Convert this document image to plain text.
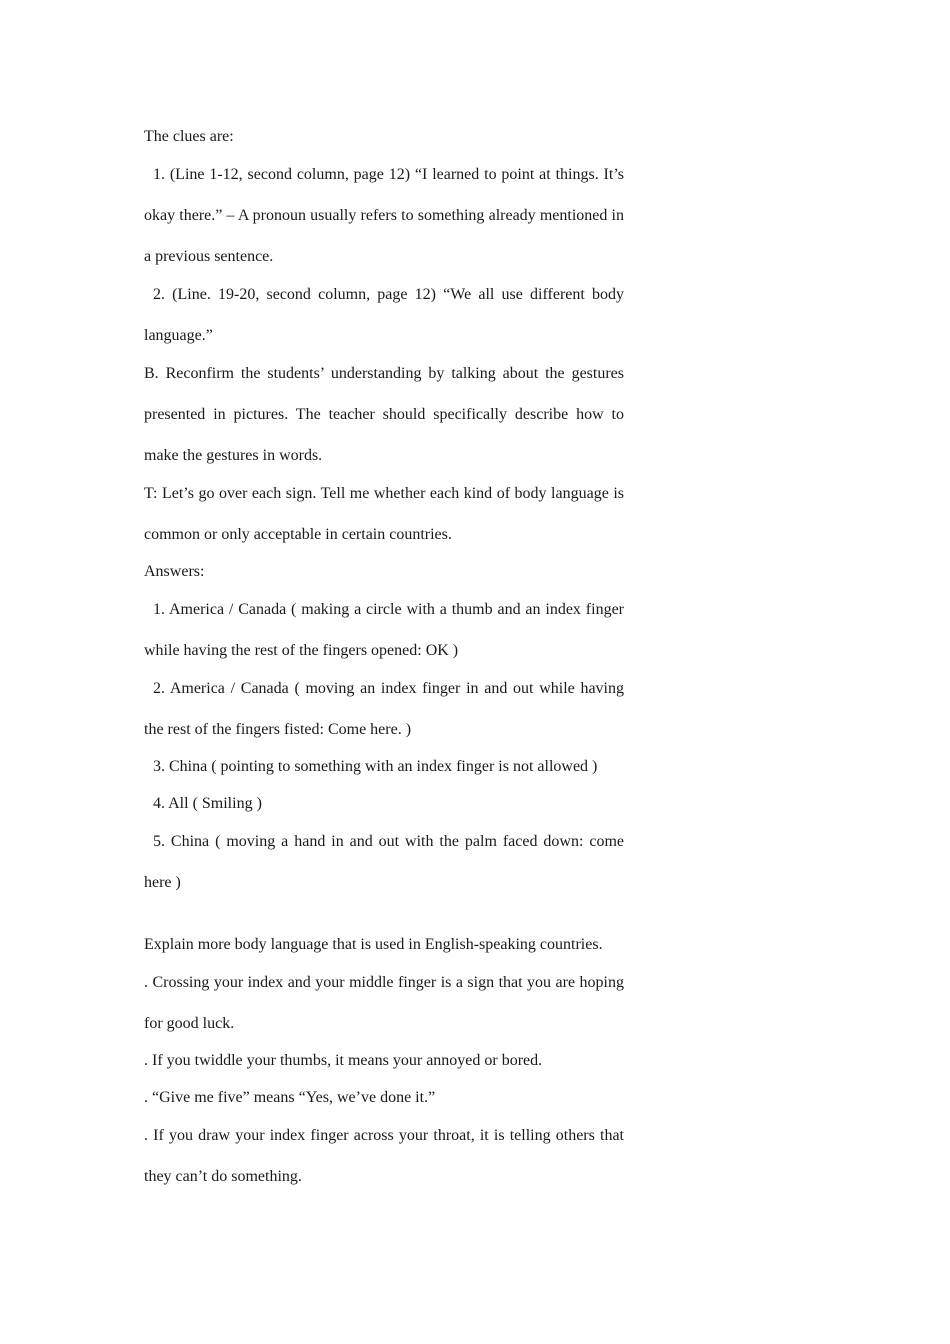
The clues are:

1. (Line 1-12, second column, page 12) “I learned to point at things. It’s okay there.” – A pronoun usually refers to something already mentioned in a previous sentence.

2. (Line. 19-20, second column, page 12) “We all use different body language.”

B. Reconfirm the students’ understanding by talking about the gestures presented in pictures. The teacher should specifically describe how to make the gestures in words.

T: Let’s go over each sign. Tell me whether each kind of body language is common or only acceptable in certain countries.

Answers:

1. America / Canada ( making a circle with a thumb and an index finger while having the rest of the fingers opened: OK )

2. America / Canada ( moving an index finger in and out while having the rest of the fingers fisted: Come here. )

3. China ( pointing to something with an index finger is not allowed )

4. All ( Smiling )

5. China ( moving a hand in and out with the palm faced down: come here )

Explain more body language that is used in English-speaking countries.

. Crossing your index and your middle finger is a sign that you are hoping for good luck.

. If you twiddle your thumbs, it means your annoyed or bored.

. “Give me five” means “Yes, we’ve done it.”

. If you draw your index finger across your throat, it is telling others that they can’t do something.
